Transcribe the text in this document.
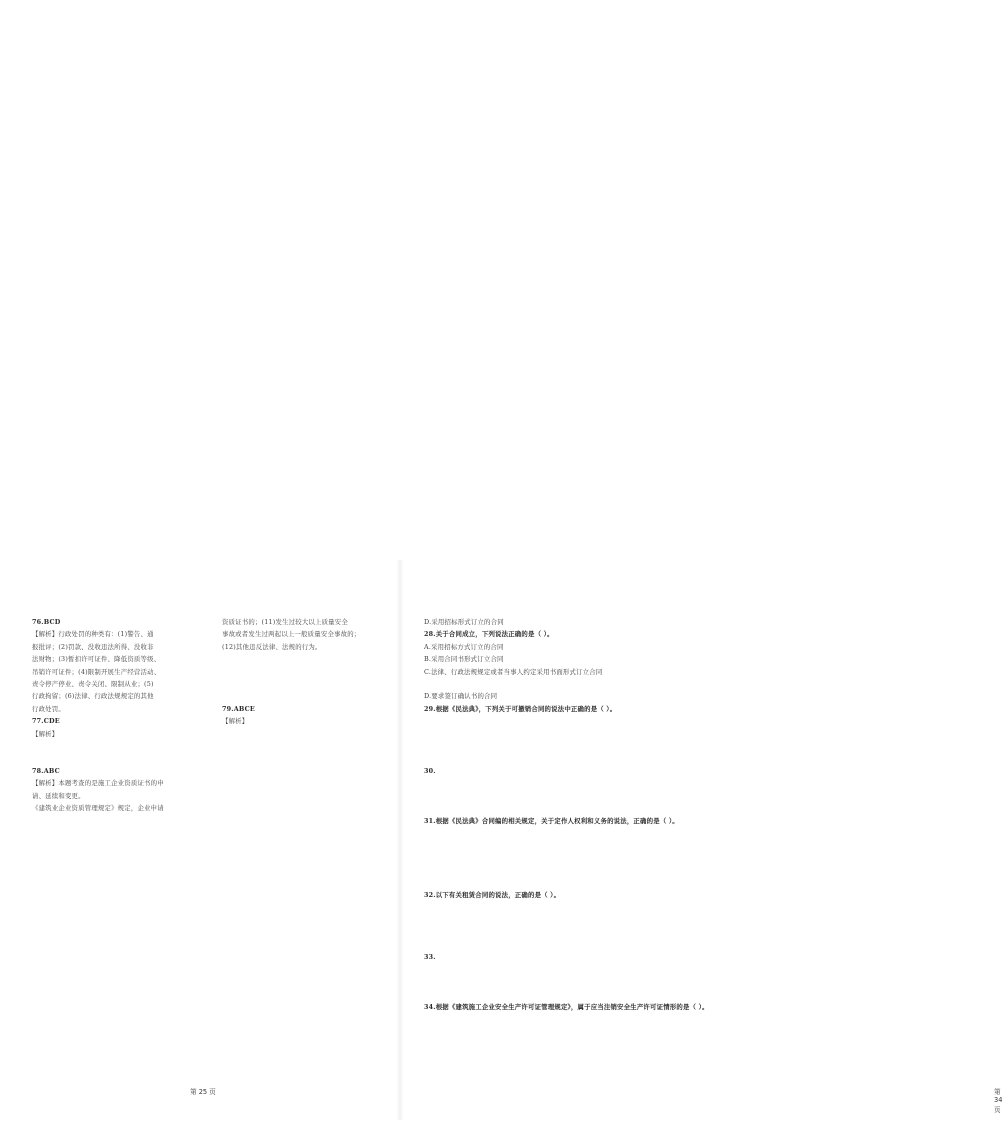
76.BCD

【解析】行政处罚的种类有：(1)警告、通

报批评；(2)罚款、没收违法所得、没收非

法财物；(3)暂扣许可证件、降低资质等级、

吊销许可证件；(4)限制开展生产经营活动、

责令停产停业、责令关闭、限制从业；(5)

行政拘留；(6)法律、行政法规规定的其他

行政处罚。

77.CDE

【解析】

78.ABC

【解析】本题考查的是施工企业资质证书的申

请、延续和变更。

《建筑业企业资质管理规定》规定，企业申请

资质证书的；(11)发生过较大以上质量安全

事故或者发生过两起以上一般质量安全事故的；

(12)其他违反法律、法规的行为。

79.ABCE

【解析】

第 25 页	第 34 页

D.采用招标形式订立的合同

28.关于合同成立，下列说法正确的是（ ）。

A.采用招标方式订立的合同

B.采用合同书形式订立合同

C.法律、行政法规规定或者当事人约定采用书面形式订立合同

D.要求签订确认书的合同

29.根据《民法典》，下列关于可撤销合同的说法中正确的是（ ）。

30.

31.根据《民法典》合同编的相关规定，关于定作人权利和义务的说法，正确的是（ ）。

32.以下有关租赁合同的说法，正确的是（ ）。

33.

34.根据《建筑施工企业安全生产许可证管理规定》，属于应当注销安全生产许可证情形的是（ ）。
